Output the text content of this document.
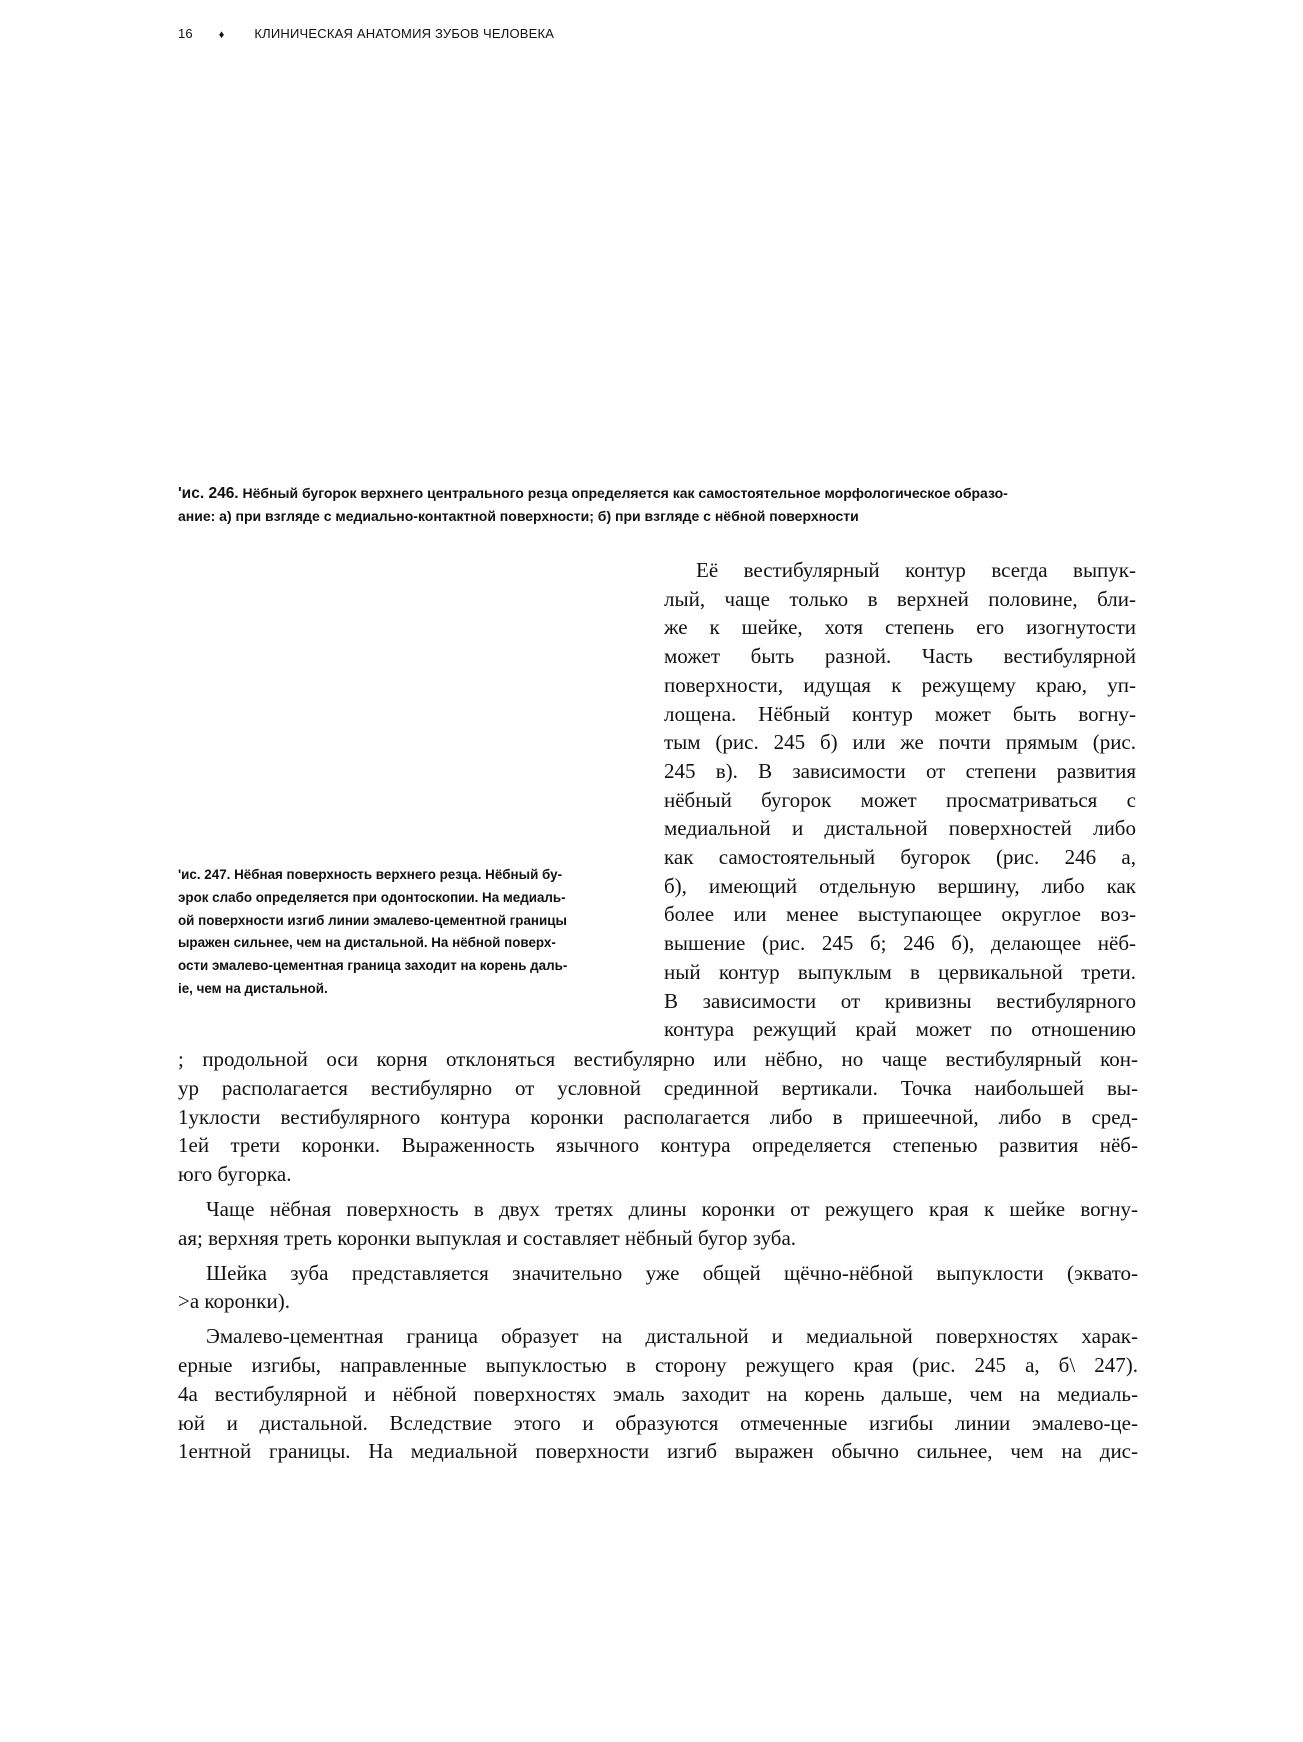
16 ♦ КЛИНИЧЕСКАЯ АНАТОМИЯ ЗУБОВ ЧЕЛОВЕКА
'ис. 246. Нёбный бугорок верхнего центрального резца определяется как самостоятельное морфологическое образо-
ание: а) при взгляде с медиально-контактной поверхности; б) при взгляде с нёбной поверхности
'ис. 247. Нёбная поверхность верхнего резца. Нёбный бу-
эрок слабо определяется при одонтоскопии. На медиаль-
ой поверхности изгиб линии эмалево-цементной границы
ыражен сильнее, чем на дистальной. На нёбной поверх-
ости эмалево-цементная граница заходит на корень даль-
ie, чем на дистальной.
Её вестибулярный контур всегда выпук-
лый, чаще только в верхней половине, бли-
же к шейке, хотя степень его изогнутости
может быть разной. Часть вестибулярной
поверхности, идущая к режущему краю, уп-
лощена. Нёбный контур может быть вогну-
тым (рис. 245 б) или же почти прямым (рис.
245 в). В зависимости от степени развития
нёбный бугорок может просматриваться с
медиальной и дистальной поверхностей либо
как самостоятельный бугорок (рис. 246 а,
б), имеющий отдельную вершину, либо как
более или менее выступающее округлое воз-
вышение (рис. 245 б; 246 б), делающее нёб-
ный контур выпуклым в цервикальной трети.
В зависимости от кривизны вестибулярного
контура режущий край может по отношению
; продольной оси корня отклоняться вестибулярно или нёбно, но чаще вестибулярный кон-
ур располагается вестибулярно от условной срединной вертикали. Точка наибольшей вы-
1уклости вестибулярного контура коронки располагается либо в пришеечной, либо в сред-
1ей трети коронки. Выраженность язычного контура определяется степенью развития нёб-
юго бугорка.
Чаще нёбная поверхность в двух третях длины коронки от режущего края к шейке вогну-
ая; верхняя треть коронки выпуклая и составляет нёбный бугор зуба.
Шейка зуба представляется значительно уже общей щёчно-нёбной выпуклости (эквато-
>а коронки).
Эмалево-цементная граница образует на дистальной и медиальной поверхностях харак-
ерные изгибы, направленные выпуклостью в сторону режущего края (рис. 245 а, б\ 247).
4а вестибулярной и нёбной поверхностях эмаль заходит на корень дальше, чем на медиаль-
юй и дистальной. Вследствие этого и образуются отмеченные изгибы линии эмалево-це-
1ентной границы. На медиальной поверхности изгиб выражен обычно сильнее, чем на дис-
